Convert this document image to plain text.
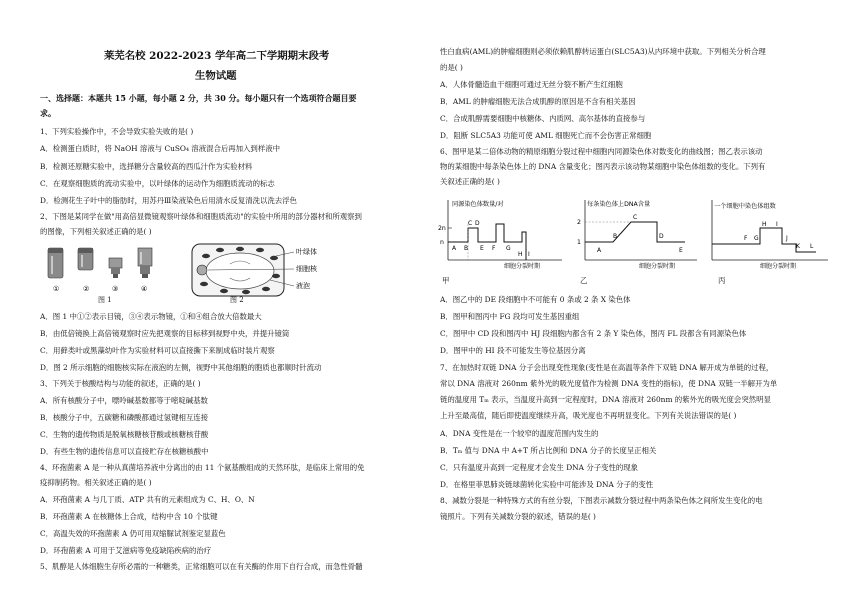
莱芜名校 2022-2023 学年高二下学期期末段考
生物试题
一、选择题：本题共 15 小题，每小题 2 分，共 30 分。每小题只有一个选项符合题目要
求。
1、下列实验操作中，不会导致实验失败的是( )
A．检测蛋白质时，将 NaOH 溶液与 CuSO₄ 溶液混合后再加入到样液中
B．检测还原糖实验中，选择糖分含量较高的西瓜汁作为实验材料
C．在观察细胞质的流动实验中，以叶绿体的运动作为细胞质流动的标志
D．检测花生子叶中的脂肪时，用苏丹Ⅲ染液染色后用清水反复清洗以洗去浮色
2、下图是某同学在做"用高倍显微镜观察叶绿体和细胞质流动"的实验中所用的部分器材和所观察到
的图像，下列相关叙述正确的是( )
①	②	③	④
图 1
叶绿体
细胞核
液泡
图 2
A．图 1 中①②表示目镜，③④表示物镜，①和④组合放大倍数最大
B．由低倍镜换上高倍镜观察时应先把观察的目标移到视野中央，并提升镜筒
C．用藓类叶或黑藻幼叶作为实验材料可以直接撕下来制成临时装片观察
D．图 2 所示细胞的细胞核实际在液泡的左侧，视野中其他细胞的胞质也都顺时针流动
3、下列关于核酸结构与功能的叙述，正确的是( )
A．所有核酸分子中，嘌呤碱基数都等于嘧啶碱基数
B．核酸分子中，五碳糖和磷酸都通过氢键相互连接
C．生物的遗传物质是脱氧核糖核苷酸或核糖核苷酸
D．有些生物的遗传信息可以直接贮存在核糖核酸中
4、环孢菌素 A 是一种从真菌培养液中分离出的由 11 个氨基酸组成的天然环肽，是临床上常用的免
疫抑制药物。相关叙述正确的是( )
A．环孢菌素 A 与几丁质、ATP 共有的元素组成为 C、H、O、N
B．环孢菌素 A 在核糖体上合成，结构中含 10 个肽键
C．高温失效的环孢菌素 A 仍可用双缩脲试剂鉴定显蓝色
D．环孢菌素 A 可用于艾滋病等免疫缺陷疾病的治疗
5、肌醇是人体细胞生存所必需的一种糖类，正常细胞可以在有关酶的作用下自行合成，而急性骨髓
性白血病(AML)的肿瘤细胞则必须依赖肌醇转运蛋白(SLC5A3)从内环境中获取。下列相关分析合理
的是( )
A．人体骨髓造血干细胞可通过无丝分裂不断产生红细胞
B．AML 的肿瘤细胞无法合成肌醇的原因是不含有相关基因
C．合成肌醇需要细胞中核糖体、内质网、高尔基体的直接参与
D．阻断 SLC5A3 功能可使 AML 细胞死亡而不会伤害正常细胞
6、图甲是某二倍体动物的精原细胞分裂过程中细胞内同源染色体对数变化的曲线图；图乙表示该动
物的某细胞中每条染色体上的 DNA 含量变化；图丙表示该动物某细胞中染色体组数的变化。下列有
关叙述正确的是( )
同源染色体数量/对
2n
n
A B
C D
E F G
H I
细胞分裂时期
每条染色体上DNA含量
2
1
A
B
C
D
E
细胞分裂时期
一个细胞中染色体组数
F G
H I
J
K L
细胞分裂时期
甲	乙	丙
A．图乙中的 DE 段细胞中不可能有 0 条或 2 条 X 染色体
B．图甲和图丙中 FG 段均可发生基因重组
C．图甲中 CD 段和图丙中 HJ 段细胞内都含有 2 条 Y 染色体，图丙 FL 段都含有同源染色体
D．图甲中的 HI 段不可能发生等位基因分离
7、在加热时双链 DNA 分子会出现变性现象(变性是在高温等条件下双链 DNA 解开成为单链的过程，
常以 DNA 溶液对 260nm 紫外光的吸光度值作为检测 DNA 变性的指标)，使 DNA 双链一半解开为单
链的温度用 Tₘ 表示，当温度升高到一定程度时，DNA 溶液对 260nm 的紫外光的吸光度会突然明显
上升至最高值，随后即使温度继续升高，吸光度也不再明显变化。下列有关说法错误的是( )
A．DNA 变性是在一个较窄的温度范围内发生的
B．Tₘ 值与 DNA 中 A+T 所占比例和 DNA 分子的长度呈正相关
C．只有温度升高到一定程度才会发生 DNA 分子变性的现象
D．在格里菲思肺炎链球菌转化实验中可能涉及 DNA 分子的变性
8、减数分裂是一种特殊方式的有丝分裂，下图表示减数分裂过程中两条染色体之间所发生变化的电
镜照片。下列有关减数分裂的叙述，错误的是( )
